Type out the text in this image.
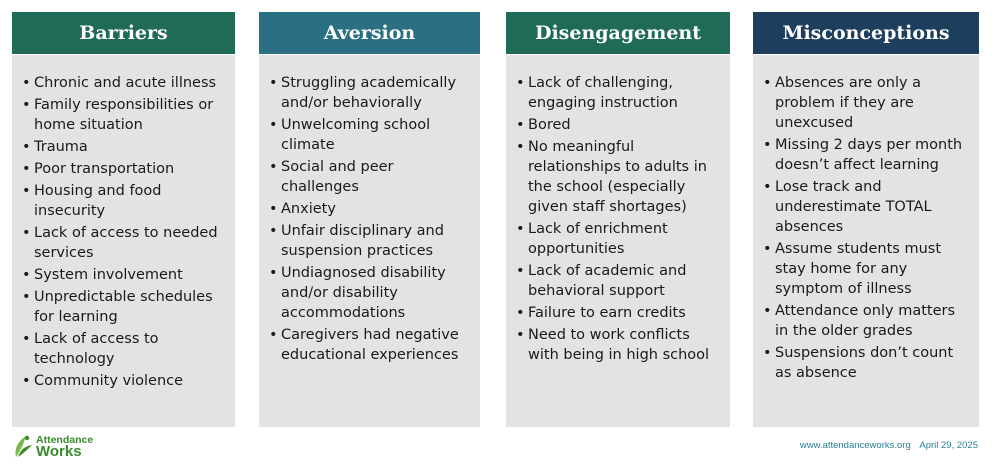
Barriers
• Chronic and acute illness
• Family responsibilities or home situation
• Trauma
• Poor transportation
• Housing and food insecurity
• Lack of access to needed services
• System involvement
• Unpredictable schedules for learning
• Lack of access to technology
• Community violence
Aversion
• Struggling academically and/or behaviorally
• Unwelcoming school climate
• Social and peer challenges
• Anxiety
• Unfair disciplinary and suspension practices
• Undiagnosed disability and/or disability accommodations
• Caregivers had negative educational experiences
Disengagement
• Lack of challenging, engaging instruction
• Bored
• No meaningful relationships to adults in the school (especially given staff shortages)
• Lack of enrichment opportunities
• Lack of academic and behavioral support
• Failure to earn credits
• Need to work conflicts with being in high school
Misconceptions
• Absences are only a problem if they are unexcused
• Missing 2 days per month doesn’t affect learning
• Lose track and underestimate TOTAL absences
• Assume students must stay home for any symptom of illness
• Attendance only matters in the older grades
• Suspensions don’t count as absence
Attendance
Works	www.attendanceworks.org April 29, 2025
